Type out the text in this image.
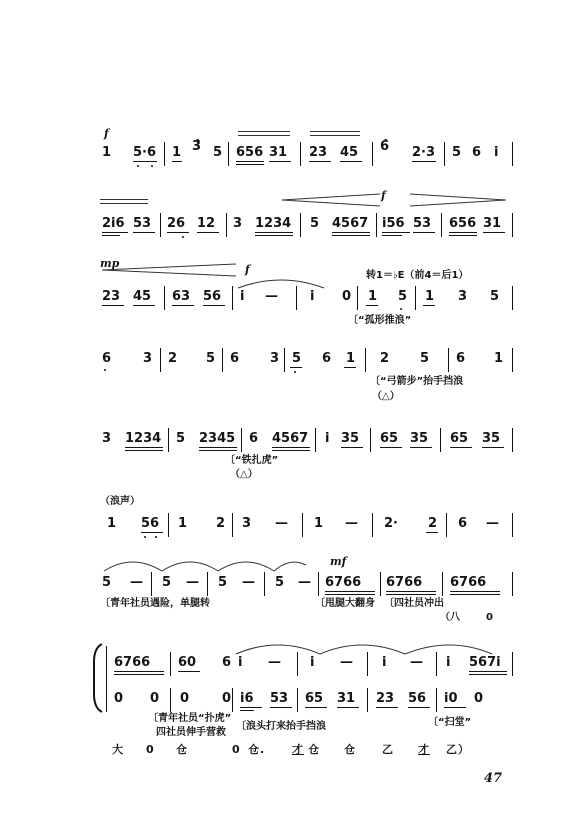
f
1 5·6 1 3̂ 5 656 31 23 45 6̂ 2·3 5 6 i
f
2i6 53 26 12 3 1234 5 4567 i56 53 656 31
mp	f	转1＝♭E（前4＝后1）
23 45 63 56 i — i 0 1 5 1 3 5
〔“孤形推浪”
6 3 2 5 6 3 5 6 1 2 5 6 1
〔“弓箭步”抬手挡浪
（△）
3 1234 5 2345 6 4567 i 35 65 35 65 35
〔“铁扎虎”
（△）
（浪声）
1 56 1 2 3 — 1 — 2· 2 6 —
mf
5 — 5 — 5 — 5 — 6766 6766 6766
〔青年社员遇险，单腿转	〔甩腿大翻身 〔四社员冲出
（八	0
6766 60 6 i — i — i — i 567i
0 0 0	0 i6 53 65 31 23 56 i0 0
〔青年社员“扑虎”
四社员伸手营救
〔浪头打来抬手挡浪	〔“扫堂”
大 0 仓	0 仓. 才 仓 仓 乙 才 乙）
47
